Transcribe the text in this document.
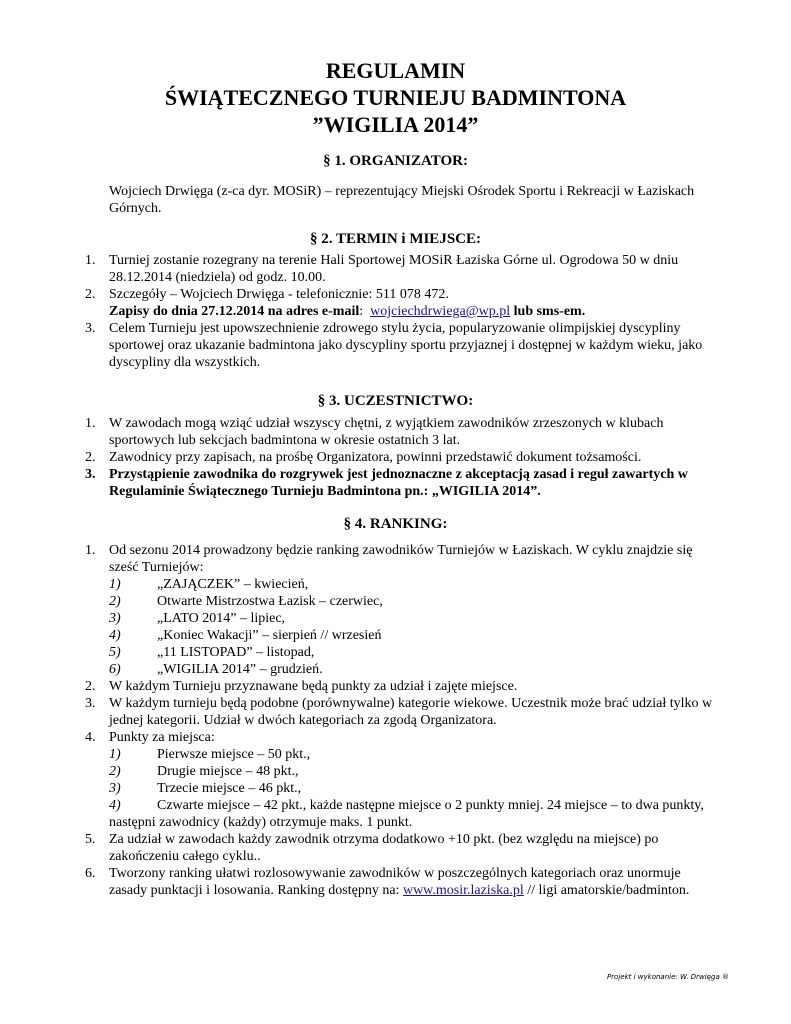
REGULAMIN
ŚWIĄTECZNEGO TURNIEJU BADMINTONA
”WIGILIA 2014”
§ 1. ORGANIZATOR:
Wojciech Drwięga (z-ca dyr. MOSiR) – reprezentujący Miejski Ośrodek Sportu i Rekreacji w Łaziskach Górnych.
§ 2. TERMIN i MIEJSCE:
1. Turniej zostanie rozegrany na terenie Hali Sportowej MOSiR Łaziska Górne ul. Ogrodowa 50 w dniu 28.12.2014 (niedziela) od godz. 10.00.
2. Szczegóły – Wojciech Drwięga - telefonicznie: 511 078 472.
Zapisy do dnia 27.12.2014 na adres e-mail: wojciechdrwiega@wp.pl lub sms-em.
3. Celem Turnieju jest upowszechnienie zdrowego stylu życia, popularyzowanie olimpijskiej dyscypliny sportowej oraz ukazanie badmintona jako dyscypliny sportu przyjaznej i dostępnej w każdym wieku, jako dyscypliny dla wszystkich.
§ 3. UCZESTNICTWO:
1. W zawodach mogą wziąć udział wszyscy chętni, z wyjątkiem zawodników zrzeszonych w klubach sportowych lub sekcjach badmintona w okresie ostatnich 3 lat.
2. Zawodnicy przy zapisach, na prośbę Organizatora, powinni przedstawić dokument tożsamości.
3. Przystąpienie zawodnika do rozgrywek jest jednoznaczne z akceptacją zasad i reguł zawartych w Regulaminie Świątecznego Turnieju Badmintona pn.: „WIGILIA 2014”.
§ 4. RANKING:
1. Od sezonu 2014 prowadzony będzie ranking zawodników Turniejów w Łaziskach. W cyklu znajdzie się sześć Turniejów:
1)	„ZAJĄCZEK” – kwiecień,
2)	Otwarte Mistrzostwa Łazisk – czerwiec,
3)	„LATO 2014” – lipiec,
4)	„Koniec Wakacji” – sierpień // wrzesień
5)	„11 LISTOPAD” – listopad,
6)	„WIGILIA 2014” – grudzień.
2. W każdym Turnieju przyznawane będą punkty za udział i zajęte miejsce.
3. W każdym turnieju będą podobne (porównywalne) kategorie wiekowe. Uczestnik może brać udział tylko w jednej kategorii. Udział w dwóch kategoriach za zgodą Organizatora.
4. Punkty za miejsca:
1)	Pierwsze miejsce – 50 pkt.,
2)	Drugie miejsce – 48 pkt.,
3)	Trzecie miejsce – 46 pkt.,
4)	Czwarte miejsce – 42 pkt., każde następne miejsce o 2 punkty mniej. 24 miejsce – to dwa punkty,
następni zawodnicy (każdy) otrzymuje maks. 1 punkt.
5. Za udział w zawodach każdy zawodnik otrzyma dodatkowo +10 pkt. (bez względu na miejsce) po zakończeniu całego cyklu..
6. Tworzony ranking ułatwi rozlosowywanie zawodników w poszczególnych kategoriach oraz unormuje zasady punktacji i losowania. Ranking dostępny na: www.mosir.laziska.pl // ligi amatorskie/badminton.
Projekt i wykonanie: W. Drwięga ®
